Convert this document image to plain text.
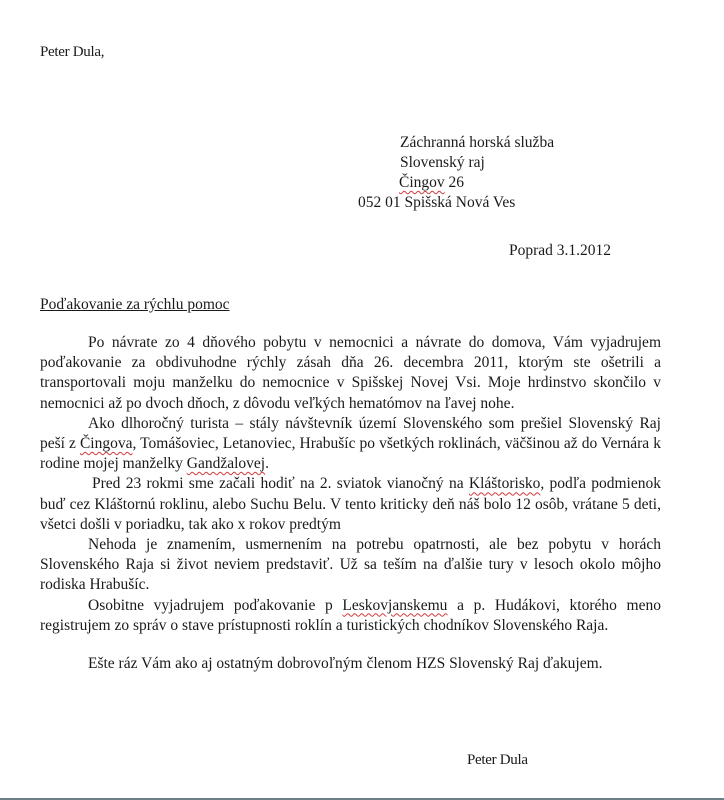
Peter Dula,
Záchranná horská služba
Slovenský raj
Čingov 26
052 01 Spišská Nová Ves
Poprad 3.1.2012
Poďakovanie za rýchlu pomoc

Po návrate zo 4 dňového pobytu v nemocnici a návrate do domova, Vám vyjadrujem poďakovanie za obdivuhodne rýchly zásah dňa 26. decembra 2011, ktorým ste ošetrili a transportovali moju manželku do nemocnice v Spišskej Novej Vsi. Moje hrdinstvo skončilo v nemocnici až po dvoch dňoch, z dôvodu veľkých hematómov na ľavej nohe.

Ako dlhoročný turista – stály návštevník území Slovenského som prešiel Slovenský Raj peší z Čingova, Tomášoviec, Letanoviec, Hrabušíc po všetkých roklinách, väčšinou až do Vernára k rodine mojej manželky Gandžalovej.

Pred 23 rokmi sme začali hodiť na 2. sviatok vianočný na Kláštorisko, podľa podmienok buď cez Kláštornú roklinu, alebo Suchu Belu. V tento kriticky deň náš bolo 12 osôb, vrátane 5 deti, všetci došli v poriadku, tak ako x rokov predtým

Nehoda je znamením, usmernením na potrebu opatrnosti, ale bez pobytu v horách Slovenského Raja si život neviem predstaviť. Už sa teším na ďalšie tury v lesoch okolo môjho rodiska Hrabušíc.

Osobitne vyjadrujem poďakovanie p Leskovjanskemu a p. Hudákovi, ktorého meno registrujem zo správ o stave prístupnosti roklín a turistických chodníkov Slovenského Raja.

Ešte ráz Vám ako aj ostatným dobrovoľným členom HZS Slovenský Raj ďakujem.

Peter Dula
